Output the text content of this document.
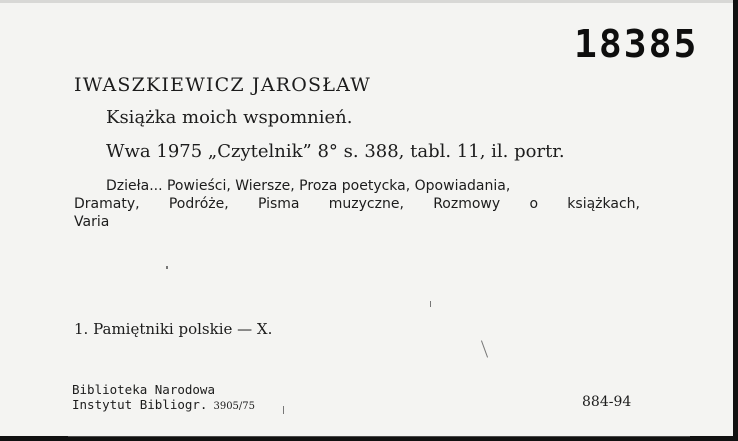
18385
IWASZKIEWICZ JAROSŁAW
Książka moich wspomnień.
Wwa 1975 „Czytelnik” 8° s. 388, tabl. 11, il. portr.
Dzieła... Powieści, Wiersze, Proza poetycka, Opowiadania,
Dramaty, Podróże, Pisma muzyczne, Rozmowy o książkach,
Varia
1. Pamiętniki polskie — X.
Biblioteka Narodowa
Instytut Bibliogr. 3905/75	884-94
